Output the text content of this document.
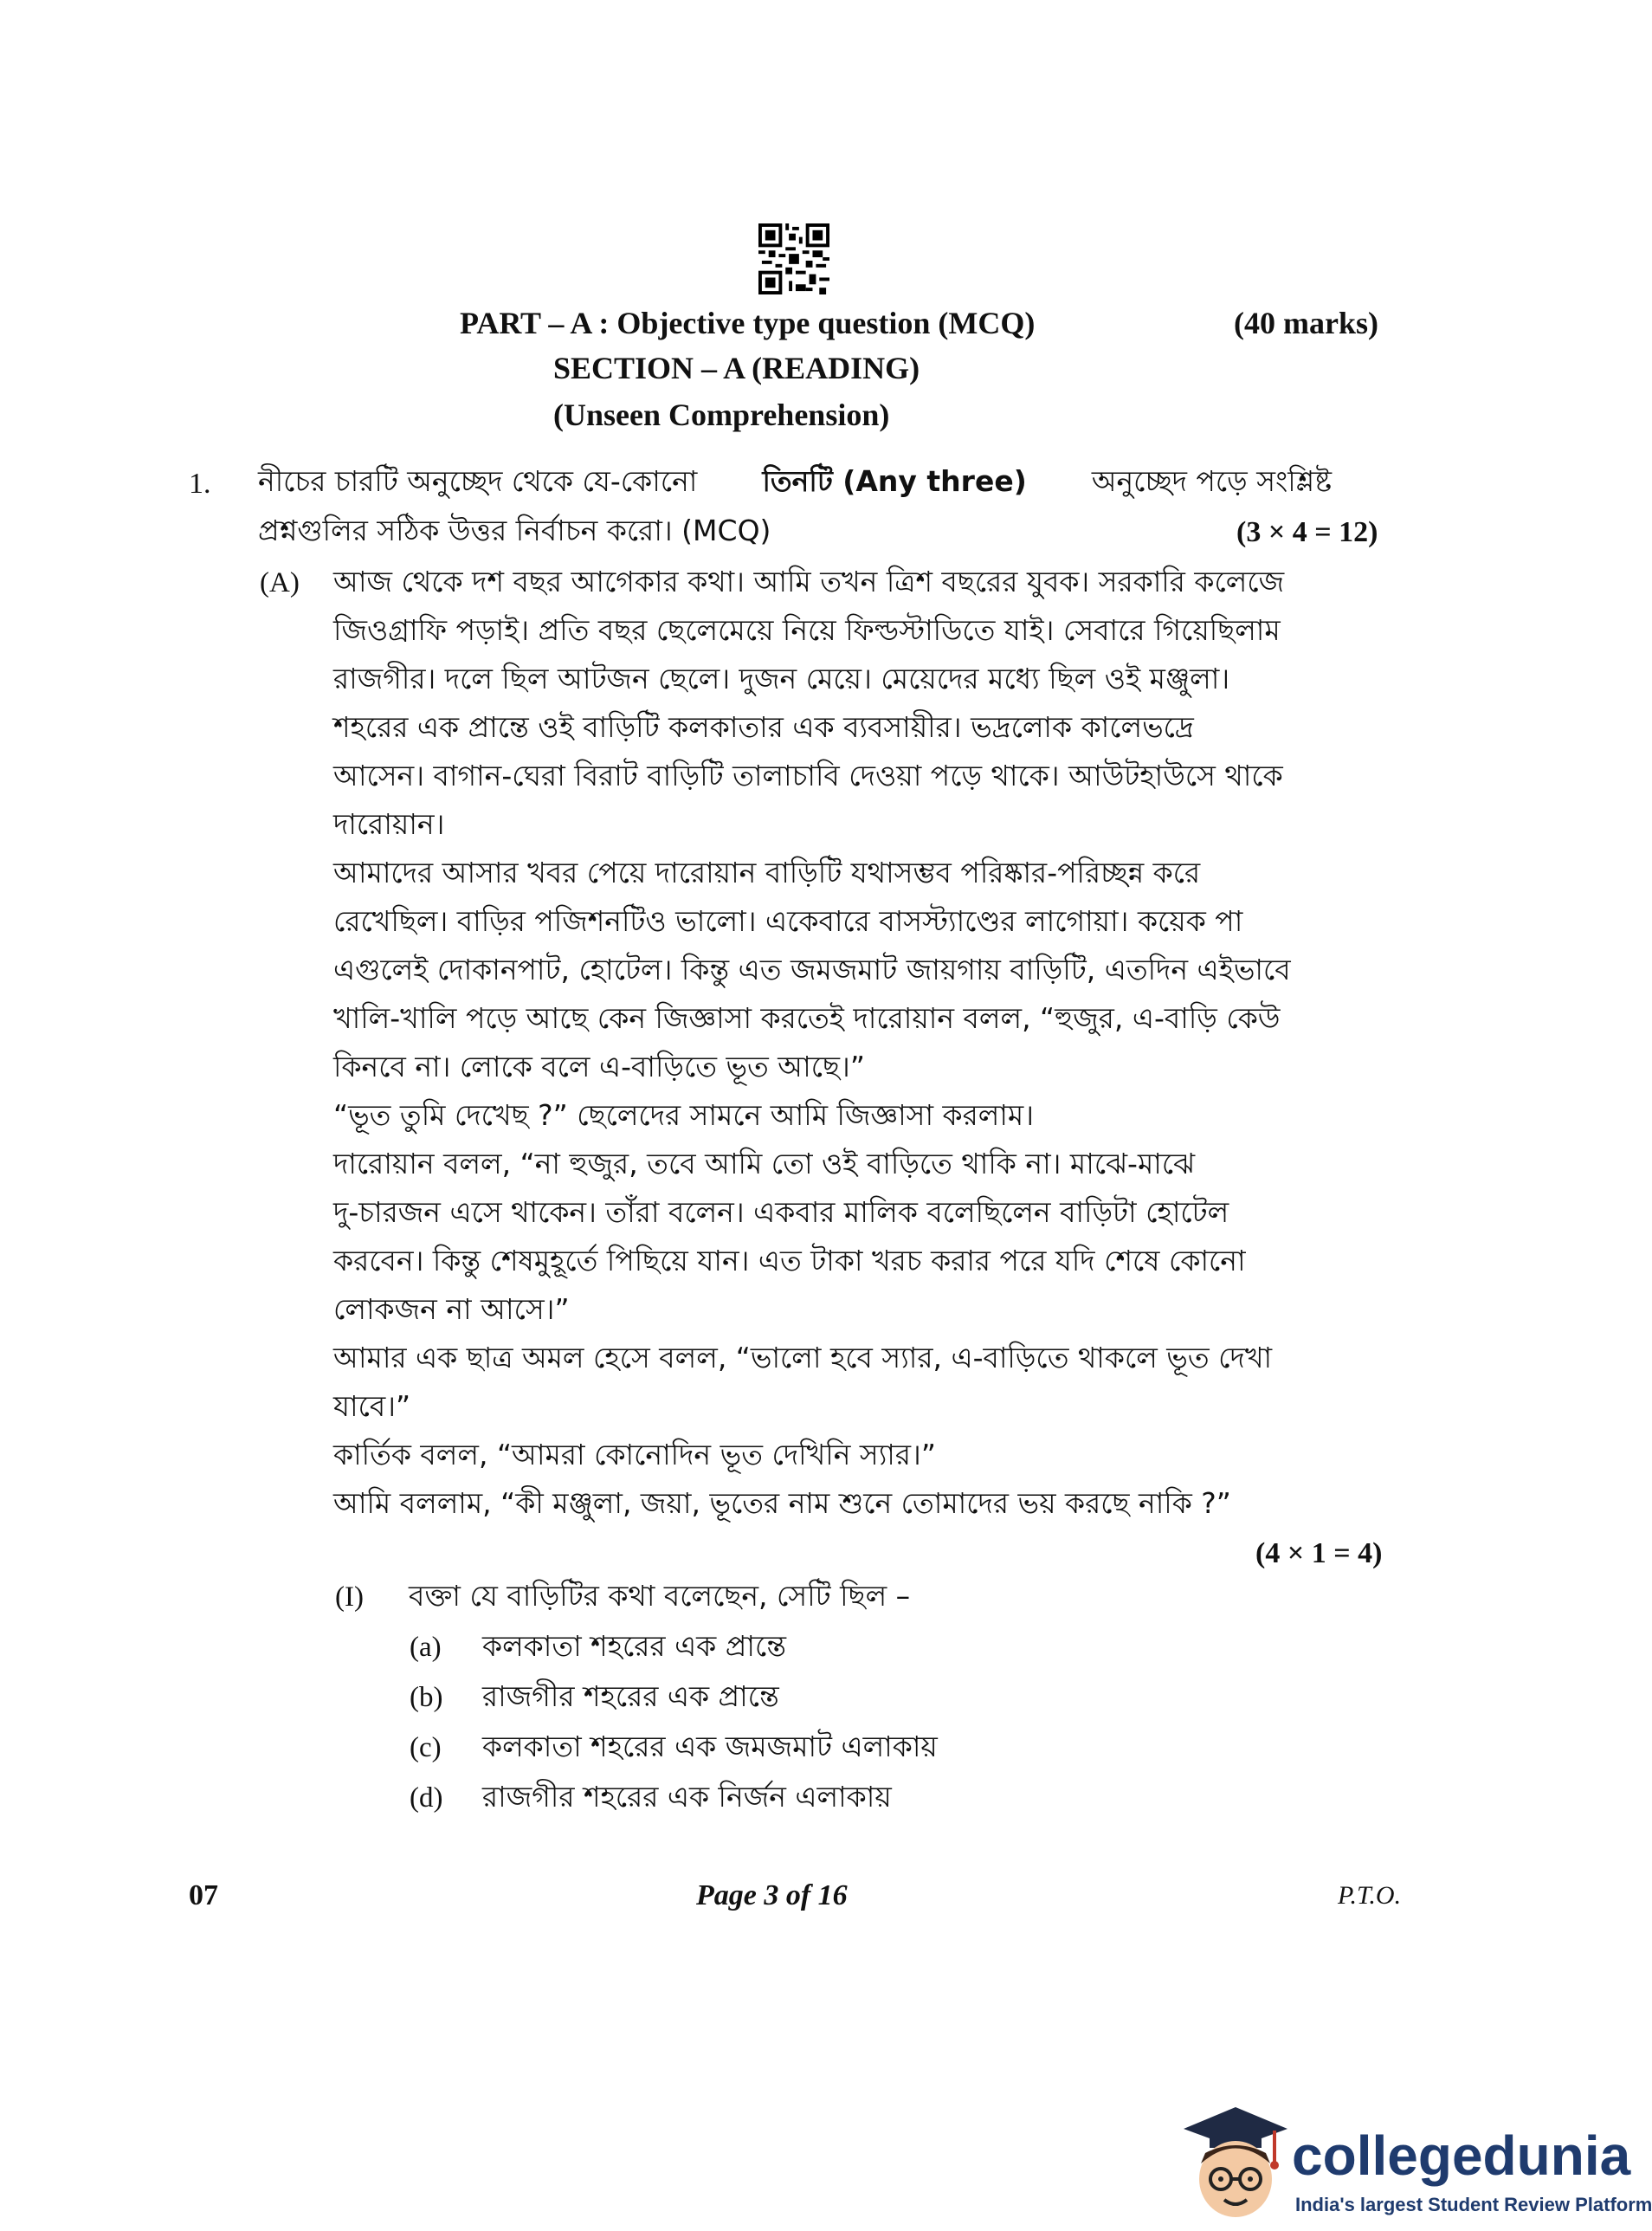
PART – A : Objective type question (MCQ)	(40 marks)
SECTION – A (READING)
(Unseen Comprehension)
1. নীচের চারটি অনুচ্ছেদ থেকে যে-কোনো তিনটি (Any three) অনুচ্ছেদ পড়ে সংশ্লিষ্ট
প্রশ্নগুলির সঠিক উত্তর নির্বাচন করো। (MCQ)	(3 × 4 = 12)
(A) আজ থেকে দশ বছর আগেকার কথা। আমি তখন ত্রিশ বছরের যুবক। সরকারি কলেজে
জিওগ্রাফি পড়াই। প্রতি বছর ছেলেমেয়ে নিয়ে ফিল্ডস্টাডিতে যাই। সেবারে গিয়েছিলাম
রাজগীর। দলে ছিল আটজন ছেলে। দুজন মেয়ে। মেয়েদের মধ্যে ছিল ওই মঞ্জুলা।
শহরের এক প্রান্তে ওই বাড়িটি কলকাতার এক ব্যবসায়ীর। ভদ্রলোক কালেভদ্রে
আসেন। বাগান-ঘেরা বিরাট বাড়িটি তালাচাবি দেওয়া পড়ে থাকে। আউটহাউসে থাকে
দারোয়ান।
আমাদের আসার খবর পেয়ে দারোয়ান বাড়িটি যথাসম্ভব পরিষ্কার-পরিচ্ছন্ন করে
রেখেছিল। বাড়ির পজিশনটিও ভালো। একেবারে বাসস্ট্যাণ্ডের লাগোয়া। কয়েক পা
এগুলেই দোকানপাট, হোটেল। কিন্তু এত জমজমাট জায়গায় বাড়িটি, এতদিন এইভাবে
খালি-খালি পড়ে আছে কেন জিজ্ঞাসা করতেই দারোয়ান বলল, “হুজুর, এ-বাড়ি কেউ
কিনবে না। লোকে বলে এ-বাড়িতে ভূত আছে।”
“ভূত তুমি দেখেছ ?” ছেলেদের সামনে আমি জিজ্ঞাসা করলাম।
দারোয়ান বলল, “না হুজুর, তবে আমি তো ওই বাড়িতে থাকি না। মাঝে-মাঝে
দু-চারজন এসে থাকেন। তাঁরা বলেন। একবার মালিক বলেছিলেন বাড়িটা হোটেল
করবেন। কিন্তু শেষমুহূর্তে পিছিয়ে যান। এত টাকা খরচ করার পরে যদি শেষে কোনো
লোকজন না আসে।”
আমার এক ছাত্র অমল হেসে বলল, “ভালো হবে স্যার, এ-বাড়িতে থাকলে ভূত দেখা
যাবে।”
কার্তিক বলল, “আমরা কোনোদিন ভূত দেখিনি স্যার।”
আমি বললাম, “কী মঞ্জুলা, জয়া, ভূতের নাম শুনে তোমাদের ভয় করছে নাকি ?”
(4 × 1 = 4)
(I) বক্তা যে বাড়িটির কথা বলেছেন, সেটি ছিল –
(a) কলকাতা শহরের এক প্রান্তে
(b) রাজগীর শহরের এক প্রান্তে
(c) কলকাতা শহরের এক জমজমাট এলাকায়
(d) রাজগীর শহরের এক নির্জন এলাকায়
07	Page 3 of 16	P.T.O.
collegedunia
India's largest Student Review Platform
